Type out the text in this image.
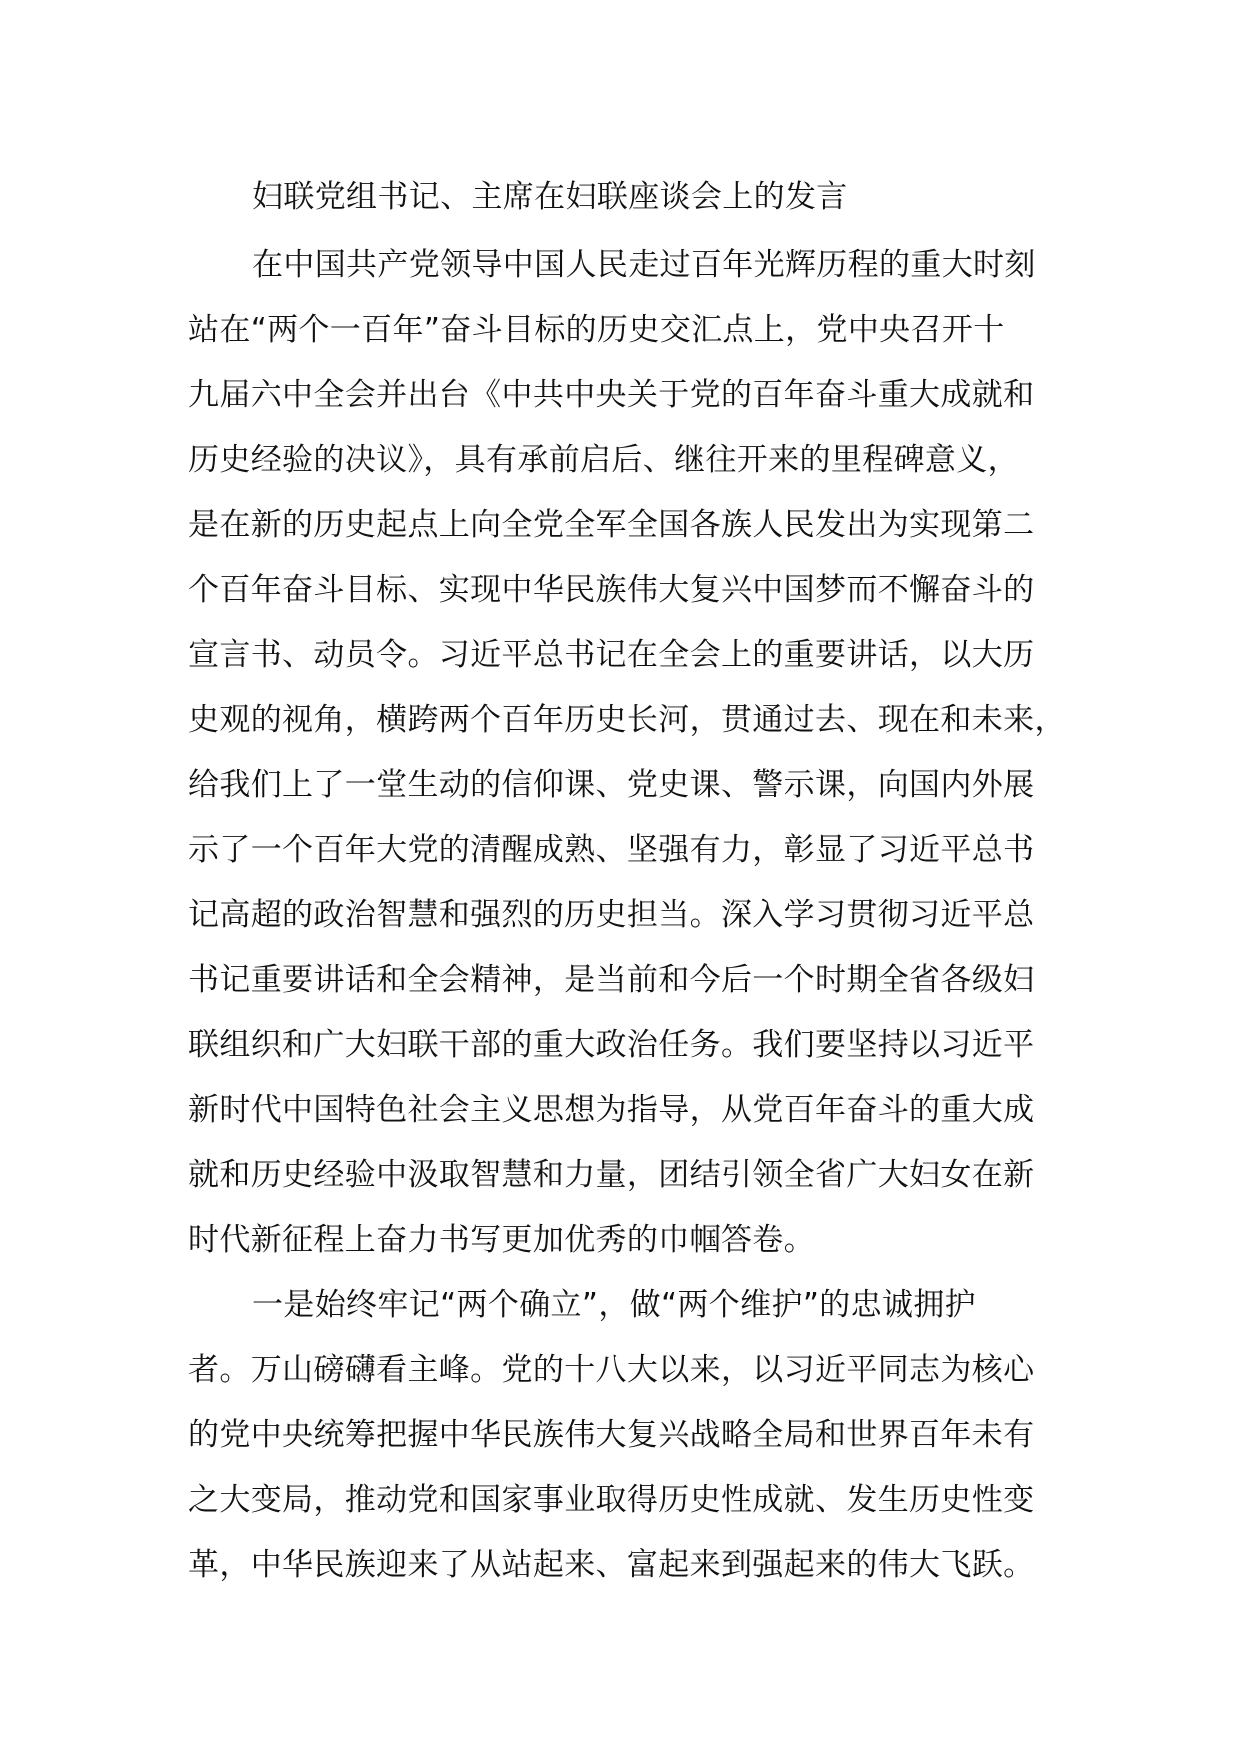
妇联党组书记、主席在妇联座谈会上的发言
在中国共产党领导中国人民走过百年光辉历程的重大时刻
站在“两个一百年”奋斗目标的历史交汇点上，党中央召开十
九届六中全会并出台《中共中央关于党的百年奋斗重大成就和
历史经验的决议》，具有承前启后、继往开来的里程碑意义，
是在新的历史起点上向全党全军全国各族人民发出为实现第二
个百年奋斗目标、实现中华民族伟大复兴中国梦而不懈奋斗的
宣言书、动员令。习近平总书记在全会上的重要讲话，以大历
史观的视角，横跨两个百年历史长河，贯通过去、现在和未来，
给我们上了一堂生动的信仰课、党史课、警示课，向国内外展
示了一个百年大党的清醒成熟、坚强有力，彰显了习近平总书
记高超的政治智慧和强烈的历史担当。深入学习贯彻习近平总
书记重要讲话和全会精神，是当前和今后一个时期全省各级妇
联组织和广大妇联干部的重大政治任务。我们要坚持以习近平
新时代中国特色社会主义思想为指导，从党百年奋斗的重大成
就和历史经验中汲取智慧和力量，团结引领全省广大妇女在新
时代新征程上奋力书写更加优秀的巾帼答卷。
一是始终牢记“两个确立”，做“两个维护”的忠诚拥护
者。万山磅礴看主峰。党的十八大以来，以习近平同志为核心
的党中央统筹把握中华民族伟大复兴战略全局和世界百年未有
之大变局，推动党和国家事业取得历史性成就、发生历史性变
革，中华民族迎来了从站起来、富起来到强起来的伟大飞跃。
